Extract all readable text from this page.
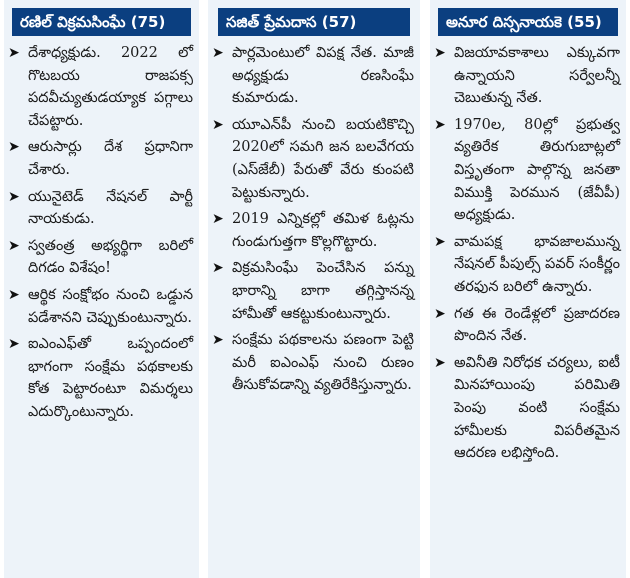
రణిల్ విక్రమసింఘే (75)
➤ దేశాధ్యక్షుడు. 2022 లో గొటబయ రాజపక్స పదవీచ్యుతుడయ్యాక పగ్గాలు చేపట్టారు.
➤ ఆరుసార్లు దేశ ప్రధానిగా చేశారు.
➤ యునైటెడ్ నేషనల్ పార్టీ నాయకుడు.
➤ స్వతంత్ర అభ్యర్థిగా బరిలో దిగడం విశేషం!
➤ ఆర్థిక సంక్షోభం నుంచి ఒడ్డున పడేశానని చెప్పుకుంటున్నారు.
➤ ఐఎంఎఫ్‌తో ఒప్పందంలో భాగంగా సంక్షేమ పథకాలకు కోత పెట్టారంటూ విమర్శలు ఎదుర్కొంటున్నారు.
సజిత్ ప్రేమదాస (57)
➤ పార్లమెంటులో విపక్ష నేత. మాజీ అధ్యక్షుడు రణసింఘే కుమారుడు.
➤ యూఎన్‌పీ నుంచి బయటికొచ్చి 2020లో సమగి జన బలవేగయ (ఎస్‌జేబీ) పేరుతో వేరు కుంపటి పెట్టుకున్నారు.
➤ 2019 ఎన్నికల్లో తమిళ ఓట్లను గుండుగుత్తగా కొల్లగొట్టారు.
➤ విక్రమసింఘే పెంచేసిన పన్ను భారాన్ని బాగా తగ్గిస్తానన్న హామీతో ఆకట్టుకుంటున్నారు.
➤ సంక్షేమ పథకాలను పణంగా పెట్టి మరీ ఐఎంఎఫ్ నుంచి రుణం తీసుకోవడాన్ని వ్యతిరేకిస్తున్నారు.
అనూర దిస్సనాయకె (55)
➤ విజయావకాశాలు ఎక్కువగా ఉన్నాయని సర్వేలన్నీ చెబుతున్న నేత.
➤ 1970ల, 80ల్లో ప్రభుత్వ వ్యతిరేక తిరుగుబాట్లలో విస్తృతంగా పాల్గొన్న జనతా విముక్తి పెరమున (జేవీపీ) అధ్యక్షుడు.
➤ వామపక్ష భావజాలమున్న నేషనల్ పీపుల్స్ పవర్ సంకీర్ణం తరఫున బరిలో ఉన్నారు.
➤ గత ఈ రెండేళ్లలో ప్రజాదరణ పొందిన నేత.
➤ అవినీతి నిరోధక చర్యలు, ఐటీ మినహాయింపు పరిమితి పెంపు వంటి సంక్షేమ హామీలకు విపరీతమైన ఆదరణ లభిస్తోంది.
